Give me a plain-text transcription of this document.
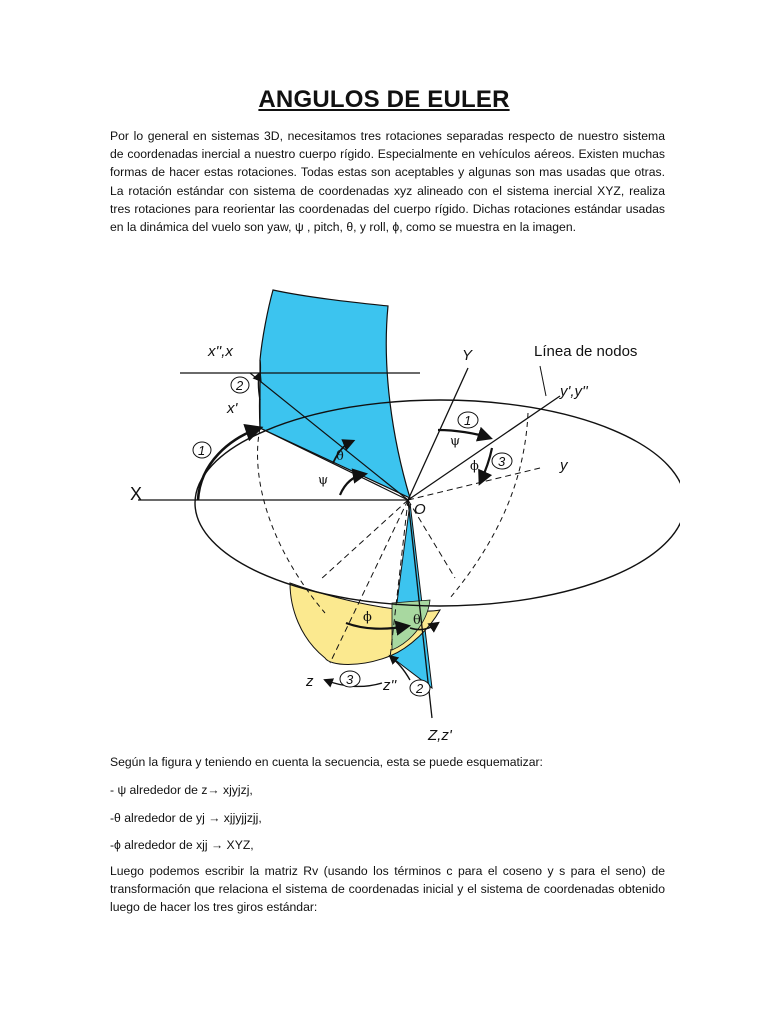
ANGULOS DE EULER
Por lo general en sistemas 3D, necesitamos tres rotaciones separadas respecto de nuestro sistema de coordenadas inercial a nuestro cuerpo rígido. Especialmente en vehículos aéreos. Existen muchas formas de hacer estas rotaciones. Todas estas son aceptables y algunas son mas usadas que otras. La rotación estándar con sistema de coordenadas xyz alineado con el sistema inercial XYZ, realiza tres rotaciones para reorientar las coordenadas del cuerpo rígido. Dichas rotaciones estándar usadas en la dinámica del vuelo son yaw, ψ , pitch, θ, y roll, ϕ, como se muestra en la imagen.
1
2
1
3
3
2
x'',x
x'
X
Y	Línea de nodos
y',y''
y
O
z	z''
Z,z'
ψ
θ
ψ
ϕ
ϕ	θ
Según la figura y teniendo en cuenta la secuencia, esta se puede esquematizar:
- ψ alrededor de z→ xjyjzj,
-θ alrededor de yj → xjjyjjzjj,
-ϕ alrededor de xjj → XYZ,
Luego podemos escribir la matriz Rv (usando los términos c para el coseno y s para el seno) de transformación que relaciona el sistema de coordenadas inicial y el sistema de coordenadas obtenido luego de hacer los tres giros estándar:
